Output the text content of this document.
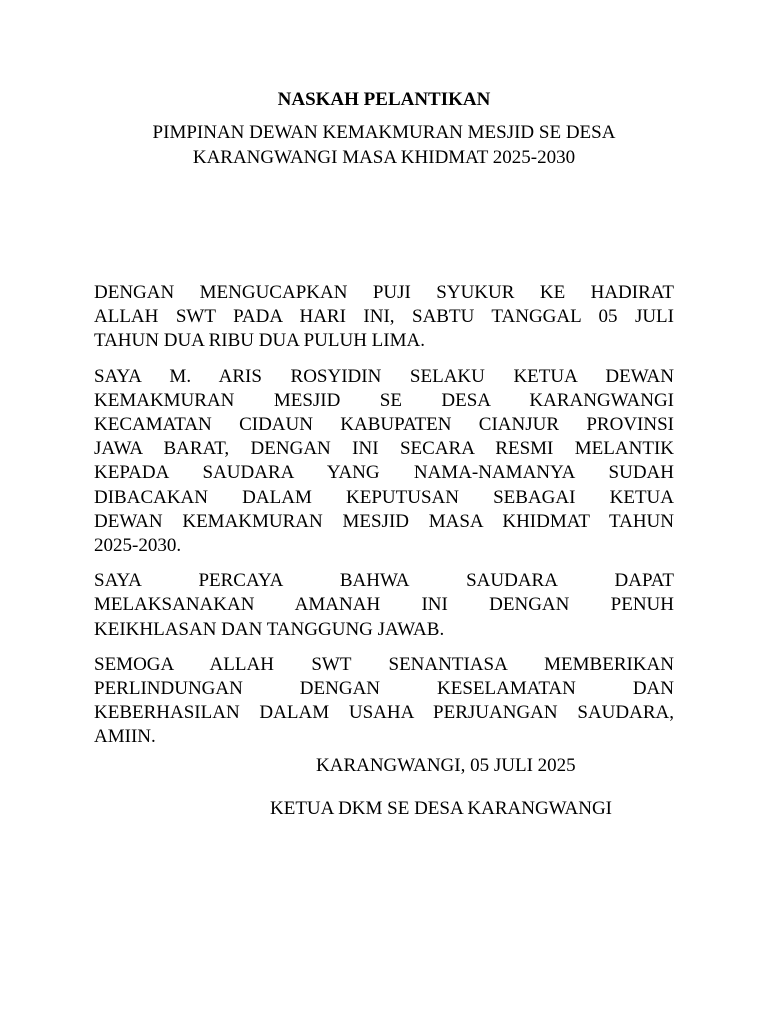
NASKAH PELANTIKAN
PIMPINAN DEWAN KEMAKMURAN MESJID SE DESA
KARANGWANGI MASA KHIDMAT 2025-2030

DENGAN MENGUCAPKAN PUJI SYUKUR KE HADIRAT
ALLAH SWT PADA HARI INI, SABTU TANGGAL 05 JULI
TAHUN DUA RIBU DUA PULUH LIMA.

SAYA M. ARIS ROSYIDIN SELAKU KETUA DEWAN
KEMAKMURAN MESJID SE DESA KARANGWANGI
KECAMATAN CIDAUN KABUPATEN CIANJUR PROVINSI
JAWA BARAT, DENGAN INI SECARA RESMI MELANTIK
KEPADA SAUDARA YANG NAMA-NAMANYA SUDAH
DIBACAKAN DALAM KEPUTUSAN SEBAGAI KETUA
DEWAN KEMAKMURAN MESJID MASA KHIDMAT TAHUN
2025-2030.

SAYA PERCAYA BAHWA SAUDARA DAPAT
MELAKSANAKAN AMANAH INI DENGAN PENUH
KEIKHLASAN DAN TANGGUNG JAWAB.

SEMOGA ALLAH SWT SENANTIASA MEMBERIKAN
PERLINDUNGAN DENGAN KESELAMATAN DAN
KEBERHASILAN DALAM USAHA PERJUANGAN SAUDARA,
AMIIN.

KARANGWANGI, 05 JULI 2025
KETUA DKM SE DESA KARANGWANGI
